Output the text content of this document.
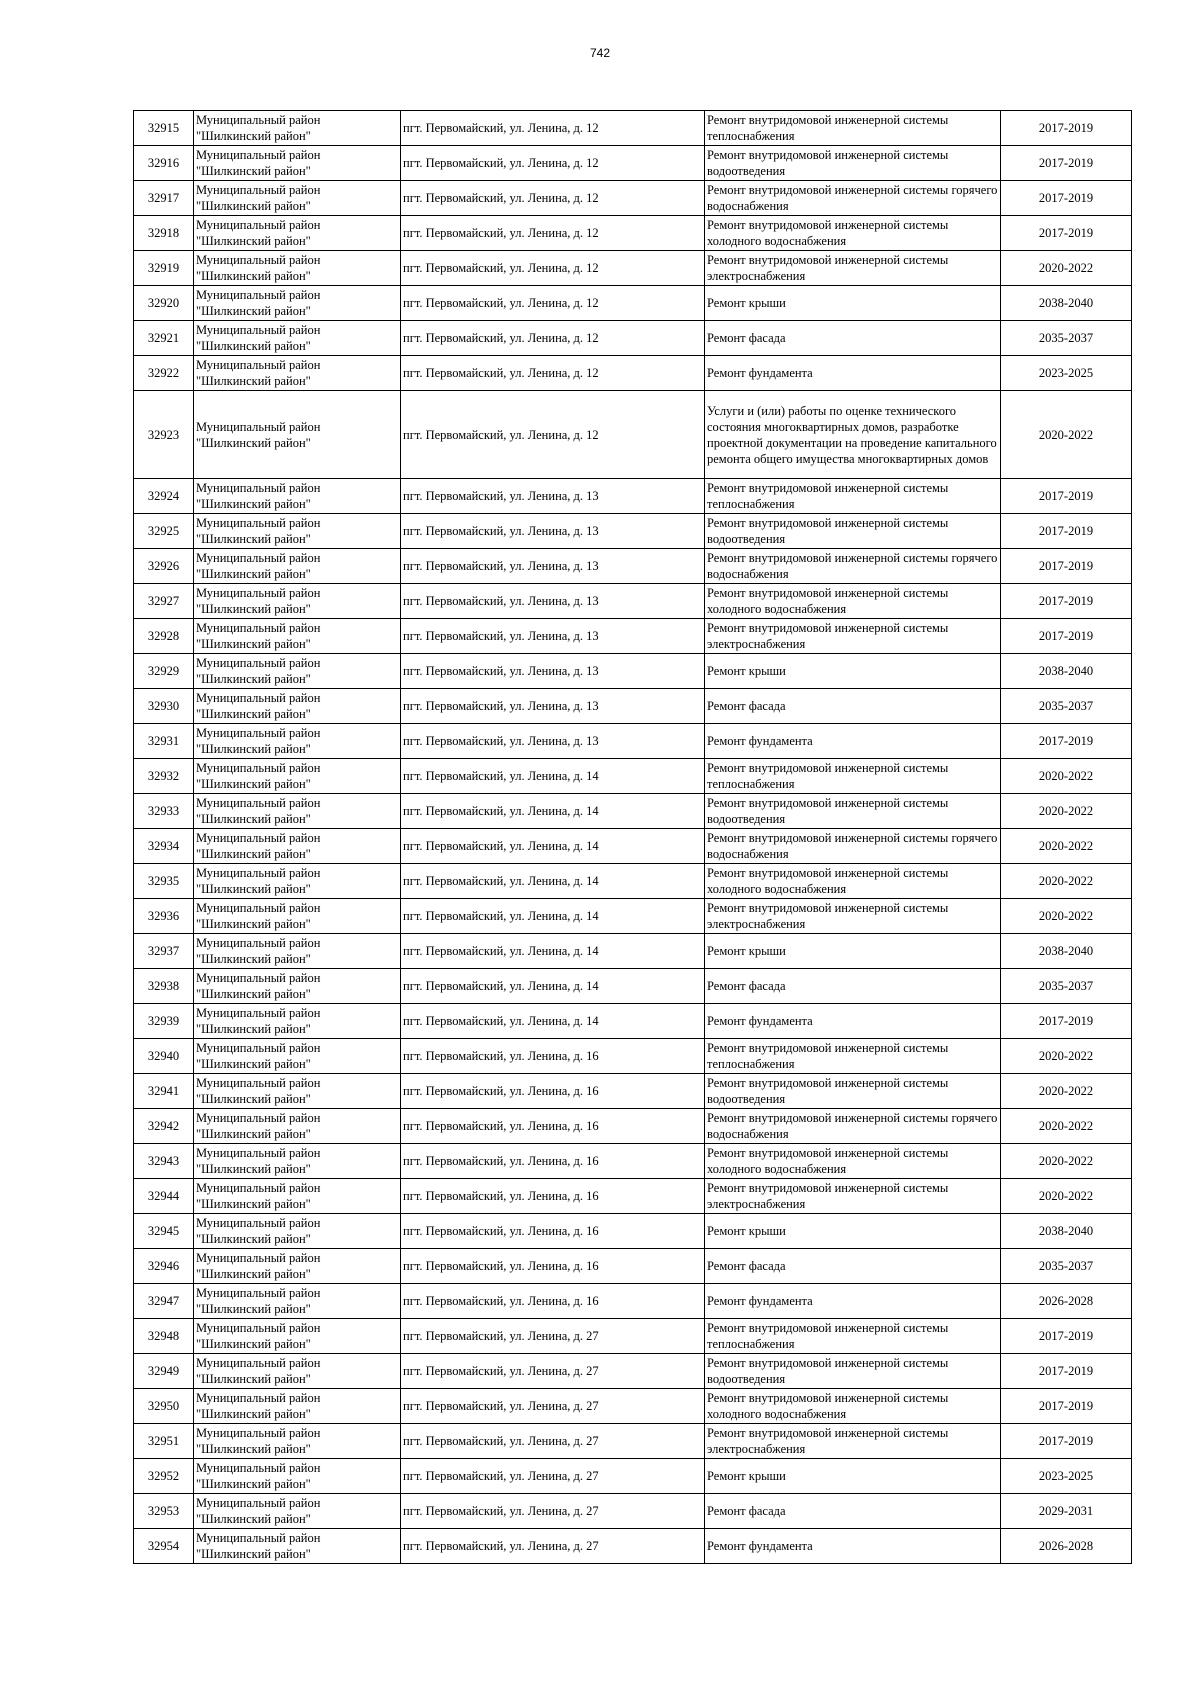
742
32915	Муниципальный район "Шилкинский район"	пгт. Первомайский, ул. Ленина, д. 12	Ремонт внутридомовой инженерной системы теплоснабжения	2017-2019
32916	Муниципальный район "Шилкинский район"	пгт. Первомайский, ул. Ленина, д. 12	Ремонт внутридомовой инженерной системы водоотведения	2017-2019
32917	Муниципальный район "Шилкинский район"	пгт. Первомайский, ул. Ленина, д. 12	Ремонт внутридомовой инженерной системы горячего водоснабжения	2017-2019
32918	Муниципальный район "Шилкинский район"	пгт. Первомайский, ул. Ленина, д. 12	Ремонт внутридомовой инженерной системы холодного водоснабжения	2017-2019
32919	Муниципальный район "Шилкинский район"	пгт. Первомайский, ул. Ленина, д. 12	Ремонт внутридомовой инженерной системы электроснабжения	2020-2022
32920	Муниципальный район "Шилкинский район"	пгт. Первомайский, ул. Ленина, д. 12	Ремонт крыши	2038-2040
32921	Муниципальный район "Шилкинский район"	пгт. Первомайский, ул. Ленина, д. 12	Ремонт фасада	2035-2037
32922	Муниципальный район "Шилкинский район"	пгт. Первомайский, ул. Ленина, д. 12	Ремонт фундамента	2023-2025
32923	Муниципальный район "Шилкинский район"	пгт. Первомайский, ул. Ленина, д. 12	Услуги и (или) работы по оценке технического состояния многоквартирных домов, разработке проектной документации на проведение капитального ремонта общего имущества многоквартирных домов	2020-2022
32924	Муниципальный район "Шилкинский район"	пгт. Первомайский, ул. Ленина, д. 13	Ремонт внутридомовой инженерной системы теплоснабжения	2017-2019
32925	Муниципальный район "Шилкинский район"	пгт. Первомайский, ул. Ленина, д. 13	Ремонт внутридомовой инженерной системы водоотведения	2017-2019
32926	Муниципальный район "Шилкинский район"	пгт. Первомайский, ул. Ленина, д. 13	Ремонт внутридомовой инженерной системы горячего водоснабжения	2017-2019
32927	Муниципальный район "Шилкинский район"	пгт. Первомайский, ул. Ленина, д. 13	Ремонт внутридомовой инженерной системы холодного водоснабжения	2017-2019
32928	Муниципальный район "Шилкинский район"	пгт. Первомайский, ул. Ленина, д. 13	Ремонт внутридомовой инженерной системы электроснабжения	2017-2019
32929	Муниципальный район "Шилкинский район"	пгт. Первомайский, ул. Ленина, д. 13	Ремонт крыши	2038-2040
32930	Муниципальный район "Шилкинский район"	пгт. Первомайский, ул. Ленина, д. 13	Ремонт фасада	2035-2037
32931	Муниципальный район "Шилкинский район"	пгт. Первомайский, ул. Ленина, д. 13	Ремонт фундамента	2017-2019
32932	Муниципальный район "Шилкинский район"	пгт. Первомайский, ул. Ленина, д. 14	Ремонт внутридомовой инженерной системы теплоснабжения	2020-2022
32933	Муниципальный район "Шилкинский район"	пгт. Первомайский, ул. Ленина, д. 14	Ремонт внутридомовой инженерной системы водоотведения	2020-2022
32934	Муниципальный район "Шилкинский район"	пгт. Первомайский, ул. Ленина, д. 14	Ремонт внутридомовой инженерной системы горячего водоснабжения	2020-2022
32935	Муниципальный район "Шилкинский район"	пгт. Первомайский, ул. Ленина, д. 14	Ремонт внутридомовой инженерной системы холодного водоснабжения	2020-2022
32936	Муниципальный район "Шилкинский район"	пгт. Первомайский, ул. Ленина, д. 14	Ремонт внутридомовой инженерной системы электроснабжения	2020-2022
32937	Муниципальный район "Шилкинский район"	пгт. Первомайский, ул. Ленина, д. 14	Ремонт крыши	2038-2040
32938	Муниципальный район "Шилкинский район"	пгт. Первомайский, ул. Ленина, д. 14	Ремонт фасада	2035-2037
32939	Муниципальный район "Шилкинский район"	пгт. Первомайский, ул. Ленина, д. 14	Ремонт фундамента	2017-2019
32940	Муниципальный район "Шилкинский район"	пгт. Первомайский, ул. Ленина, д. 16	Ремонт внутридомовой инженерной системы теплоснабжения	2020-2022
32941	Муниципальный район "Шилкинский район"	пгт. Первомайский, ул. Ленина, д. 16	Ремонт внутридомовой инженерной системы водоотведения	2020-2022
32942	Муниципальный район "Шилкинский район"	пгт. Первомайский, ул. Ленина, д. 16	Ремонт внутридомовой инженерной системы горячего водоснабжения	2020-2022
32943	Муниципальный район "Шилкинский район"	пгт. Первомайский, ул. Ленина, д. 16	Ремонт внутридомовой инженерной системы холодного водоснабжения	2020-2022
32944	Муниципальный район "Шилкинский район"	пгт. Первомайский, ул. Ленина, д. 16	Ремонт внутридомовой инженерной системы электроснабжения	2020-2022
32945	Муниципальный район "Шилкинский район"	пгт. Первомайский, ул. Ленина, д. 16	Ремонт крыши	2038-2040
32946	Муниципальный район "Шилкинский район"	пгт. Первомайский, ул. Ленина, д. 16	Ремонт фасада	2035-2037
32947	Муниципальный район "Шилкинский район"	пгт. Первомайский, ул. Ленина, д. 16	Ремонт фундамента	2026-2028
32948	Муниципальный район "Шилкинский район"	пгт. Первомайский, ул. Ленина, д. 27	Ремонт внутридомовой инженерной системы теплоснабжения	2017-2019
32949	Муниципальный район "Шилкинский район"	пгт. Первомайский, ул. Ленина, д. 27	Ремонт внутридомовой инженерной системы водоотведения	2017-2019
32950	Муниципальный район "Шилкинский район"	пгт. Первомайский, ул. Ленина, д. 27	Ремонт внутридомовой инженерной системы холодного водоснабжения	2017-2019
32951	Муниципальный район "Шилкинский район"	пгт. Первомайский, ул. Ленина, д. 27	Ремонт внутридомовой инженерной системы электроснабжения	2017-2019
32952	Муниципальный район "Шилкинский район"	пгт. Первомайский, ул. Ленина, д. 27	Ремонт крыши	2023-2025
32953	Муниципальный район "Шилкинский район"	пгт. Первомайский, ул. Ленина, д. 27	Ремонт фасада	2029-2031
32954	Муниципальный район "Шилкинский район"	пгт. Первомайский, ул. Ленина, д. 27	Ремонт фундамента	2026-2028
